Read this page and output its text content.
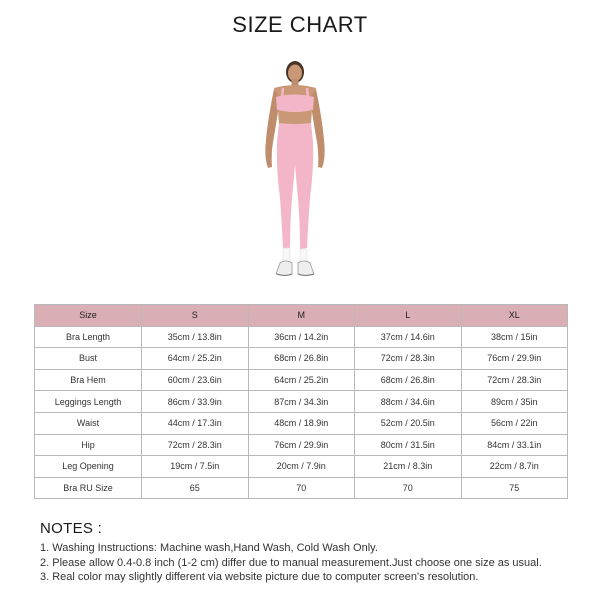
SIZE CHART
Size	S	M	L	XL
Bra Length	35cm / 13.8in	36cm / 14.2in	37cm / 14.6in	38cm / 15in
Bust	64cm / 25.2in	68cm / 26.8in	72cm / 28.3in	76cm / 29.9in
Bra Hem	60cm / 23.6in	64cm / 25.2in	68cm / 26.8in	72cm / 28.3in
Leggings Length	86cm / 33.9in	87cm / 34.3in	88cm / 34.6in	89cm / 35in
Waist	44cm / 17.3in	48cm / 18.9in	52cm / 20.5in	56cm / 22in
Hip	72cm / 28.3in	76cm / 29.9in	80cm / 31.5in	84cm / 33.1in
Leg Opening	19cm / 7.5in	20cm / 7.9in	21cm / 8.3in	22cm / 8.7in
Bra RU Size	65	70	70	75
NOTES :
1. Washing Instructions: Machine wash,Hand Wash, Cold Wash Only.
2. Please allow 0.4-0.8 inch (1-2 cm) differ due to manual measurement.Just choose one size as usual.
3. Real color may slightly different via website picture due to computer screen's resolution.
